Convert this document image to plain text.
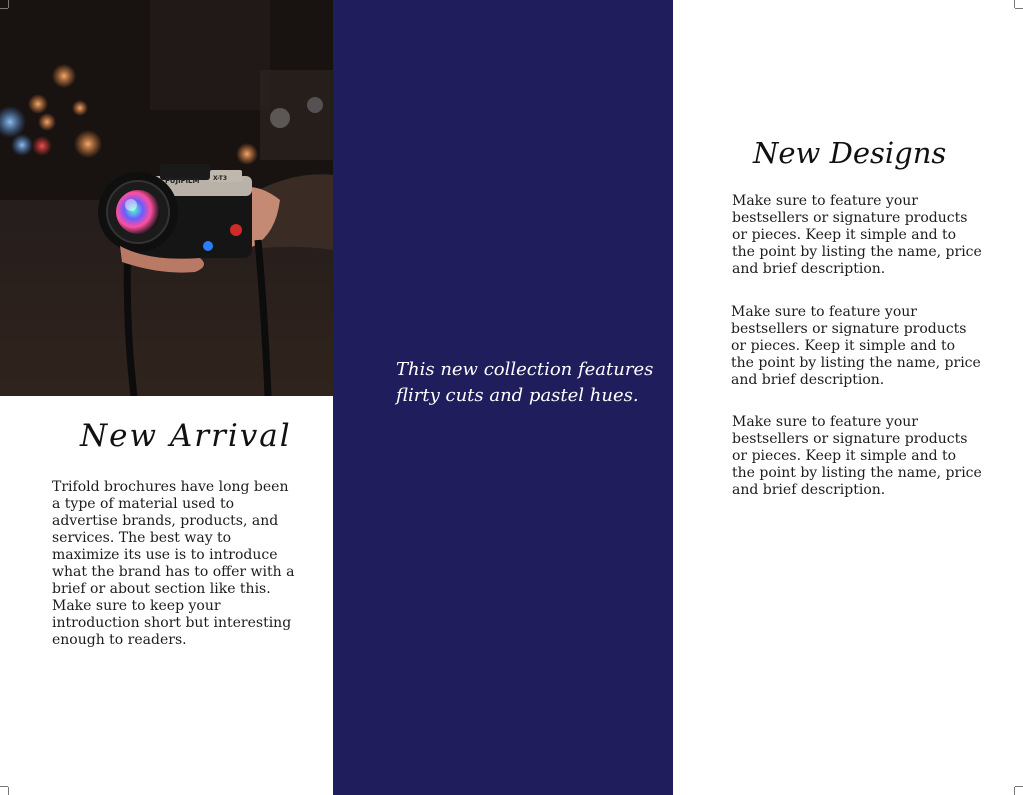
FUJIFILM X-T3
New Arrival

Trifold brochures have long been a type of material used to advertise brands, products, and services. The best way to maximize its use is to introduce what the brand has to offer with a brief or about section like this. Make sure to keep your introduction short but interesting enough to readers.

This new collection features flirty cuts and pastel hues.

New Designs

Make sure to feature your bestsellers or signature products or pieces. Keep it simple and to the point by listing the name, price and brief description.

Make sure to feature your bestsellers or signature products or pieces. Keep it simple and to the point by listing the name, price and brief description.

Make sure to feature your bestsellers or signature products or pieces. Keep it simple and to the point by listing the name, price and brief description.
